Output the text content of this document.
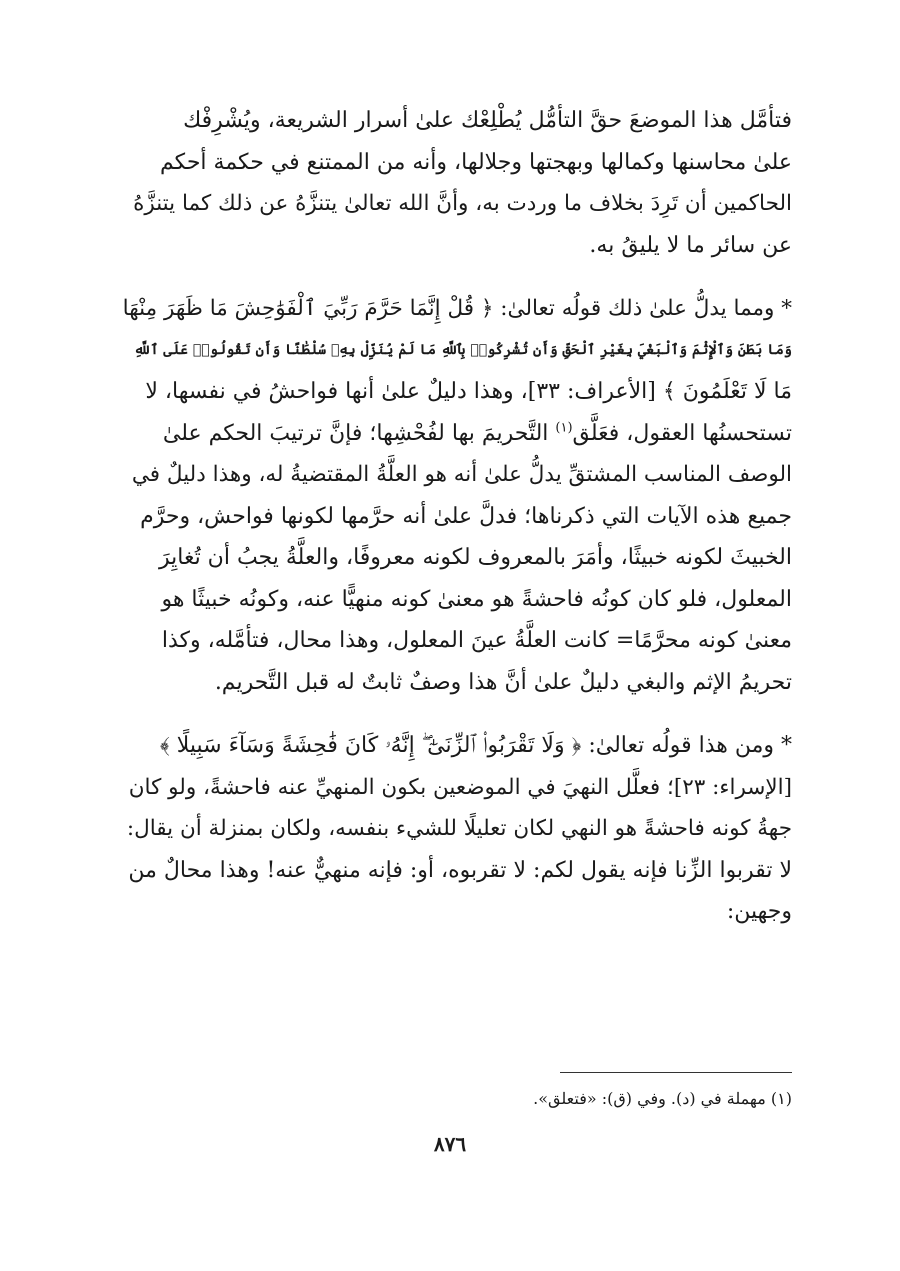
فتأمَّل هذا الموضعَ حقَّ التأمُّل يُطْلِعْك علىٰ أسرار الشريعة، ويُشْرِفْك
علىٰ محاسنها وكمالها وبهجتها وجلالها، وأنه من الممتنع في حكمة أحكم
الحاكمين أن تَرِدَ بخلاف ما وردت به، وأنَّ الله تعالىٰ يتنزَّهُ عن ذلك كما يتنزَّهُ
عن سائر ما لا يليقُ به.

* ومما يدلُّ علىٰ ذلك قولُه تعالىٰ: ﴿ قُلْ إِنَّمَا حَرَّمَ رَبِّيَ ٱلْفَوَٰحِشَ مَا ظَهَرَ مِنْهَا
وَمَا بَطَنَ وَٱلْإِثْمَ وَٱلْبَغْيَ بِغَيْرِ ٱلْحَقِّ وَأَن تُشْرِكُوا۟ بِٱللَّهِ مَا لَمْ يُنَزِّلْ بِهِۦ سُلْطَٰنًا وَأَن تَقُولُوا۟ عَلَى ٱللَّهِ
مَا لَا تَعْلَمُونَ ﴾ [الأعراف: ٣٣]، وهذا دليلٌ علىٰ أنها فواحشُ في نفسها، لا
تستحسنُها العقول، فعَلَّق$^{(١)}$ التَّحريمَ بها لفُحْشِها؛ فإنَّ ترتيبَ الحكم علىٰ
الوصف المناسب المشتقِّ يدلُّ علىٰ أنه هو العلَّةُ المقتضيةُ له، وهذا دليلٌ في
جميع هذه الآيات التي ذكرناها؛ فدلَّ علىٰ أنه حرَّمها لكونها فواحش، وحرَّم
الخبيثَ لكونه خبيثًا، وأمَرَ بالمعروف لكونه معروفًا، والعلَّةُ يجبُ أن تُغايِرَ
المعلول، فلو كان كونُه فاحشةً هو معنىٰ كونه منهيًّا عنه، وكونُه خبيثًا هو
معنىٰ كونه محرَّمًا= كانت العلَّةُ عينَ المعلول، وهذا محال، فتأمَّله، وكذا
تحريمُ الإثم والبغي دليلٌ علىٰ أنَّ هذا وصفٌ ثابتٌ له قبل التَّحريم.

* ومن هذا قولُه تعالىٰ: ﴿ وَلَا تَقْرَبُوا۟ ٱلزِّنَىٰٓ ۖ إِنَّهُۥ كَانَ فَٰحِشَةً وَسَآءَ سَبِيلًا ﴾
[الإسراء: ٢٣]؛ فعلَّل النهيَ في الموضعين بكون المنهيِّ عنه فاحشةً، ولو كان
جهةُ كونه فاحشةً هو النهي لكان تعليلًا للشيء بنفسه، ولكان بمنزلة أن يقال:
لا تقربوا الزِّنا فإنه يقول لكم: لا تقربوه، أو: فإنه منهيٌّ عنه! وهذا محالٌ من
وجهين:

(١) مهملة في (د). وفي (ق): «فتعلق».
٨٧٦
